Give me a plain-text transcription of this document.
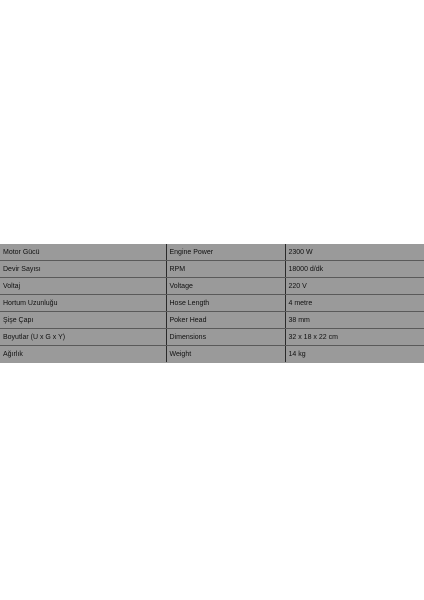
Motor Gücü	Engine Power	2300 W
Devir Sayısı	RPM	18000 d/dk
Voltaj	Voltage	220 V
Hortum Uzunluğu	Hose Length	4 metre
Şişe Çapı	Poker Head	38 mm
Boyutlar (U x G x Y)	Dimensions	32 x 18 x 22 cm
Ağırlık	Weight	14 kg
